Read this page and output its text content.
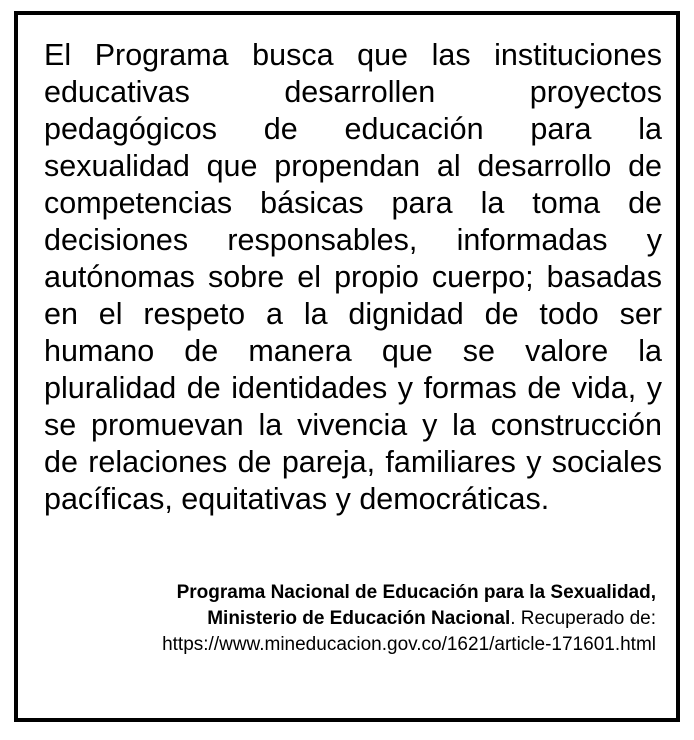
El Programa busca que las instituciones educativas desarrollen proyectos pedagógicos de educación para la sexualidad que propendan al desarrollo de competencias básicas para la toma de decisiones responsables, informadas y autónomas sobre el propio cuerpo; basadas en el respeto a la dignidad de todo ser humano de manera que se valore la pluralidad de identidades y formas de vida, y se promuevan la vivencia y la construcción de relaciones de pareja, familiares y sociales pacíficas, equitativas y democráticas.

Programa Nacional de Educación para la Sexualidad,
Ministerio de Educación Nacional. Recuperado de:
https://www.mineducacion.gov.co/1621/article-171601.html
